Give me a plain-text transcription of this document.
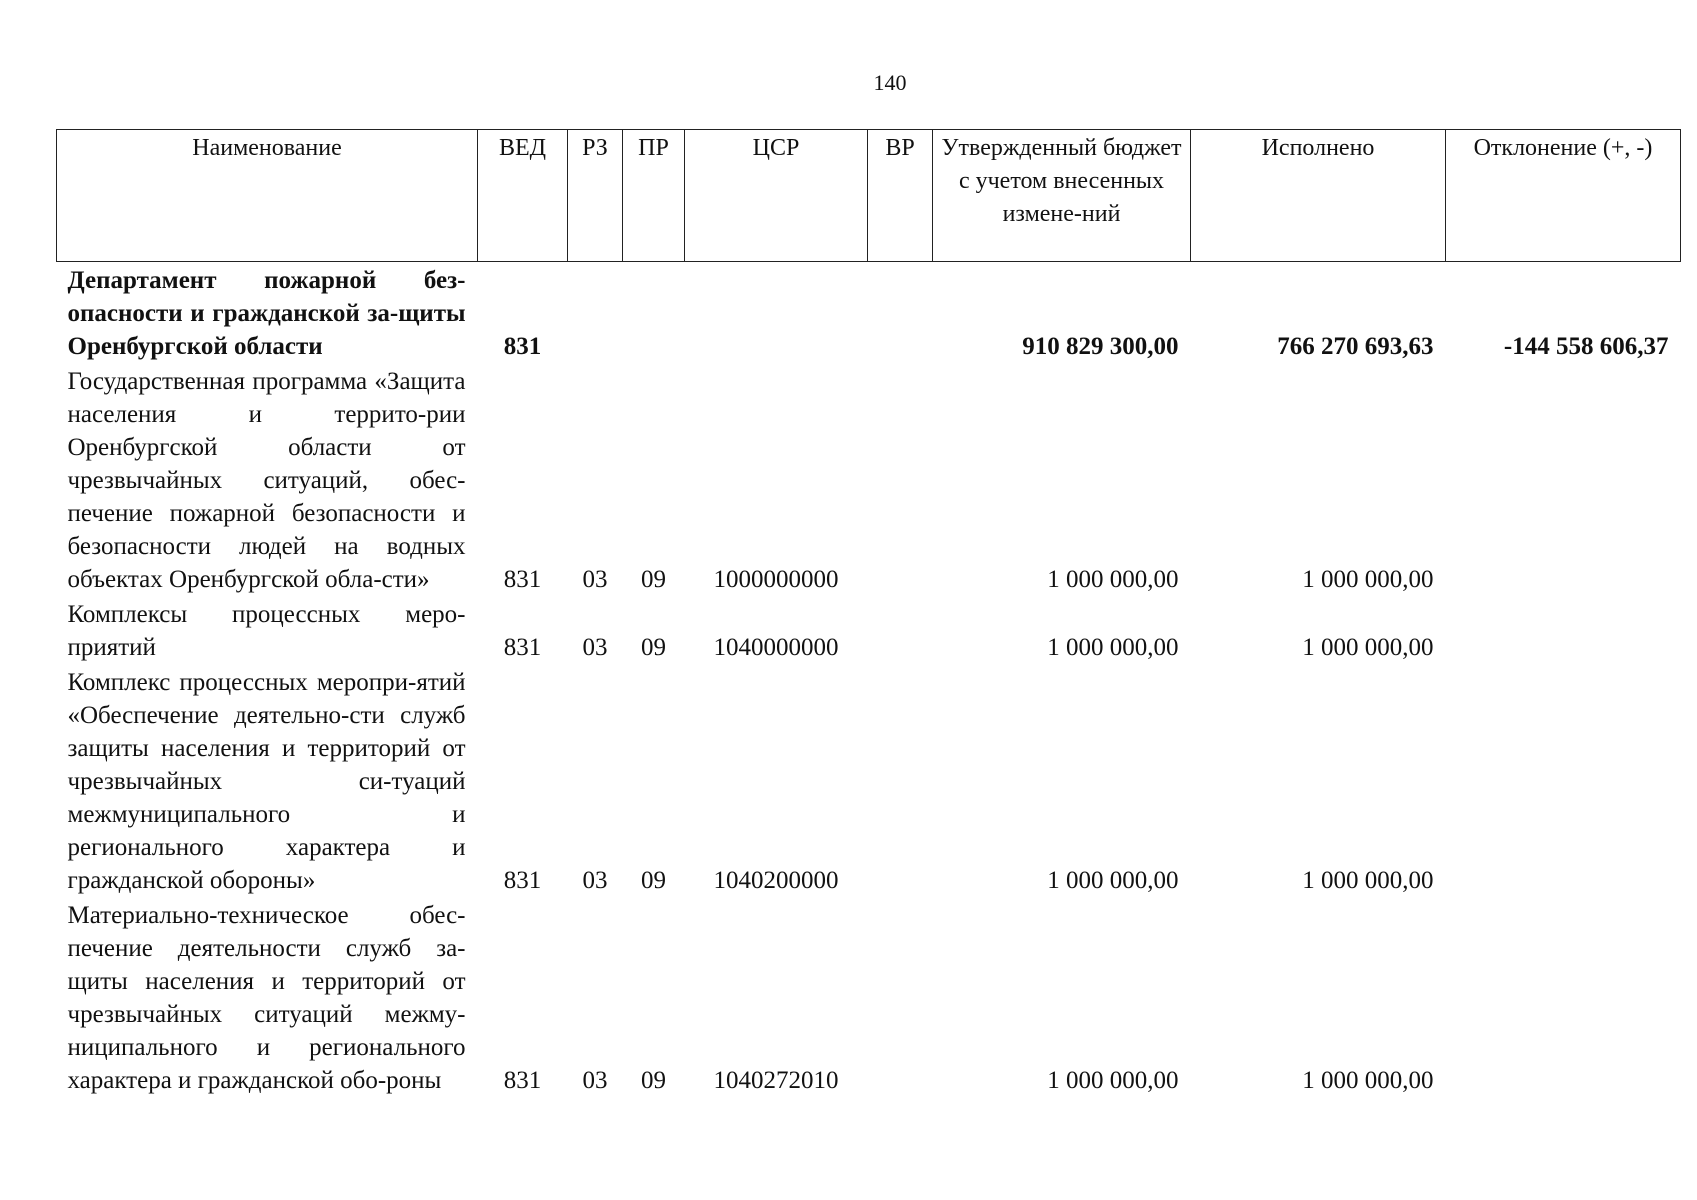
140
Наименование	ВЕД	РЗ	ПР	ЦСР	ВР	Утвержденный бюджет с учетом внесенных измене-ний	Исполнено	Отклонение (+, -)
Департамент пожарной без-опасности и гражданской за-щиты Оренбургской области	831					910 829 300,00	766 270 693,63	-144 558 606,37
Государственная программа «Защита населения и террито-рии Оренбургской области от чрезвычайных ситуаций, обес-печение пожарной безопасности и безопасности людей на водных объектах Оренбургской обла-сти»	831	03	09	1000000000		1 000 000,00	1 000 000,00	
Комплексы процессных меро-приятий	831	03	09	1040000000		1 000 000,00	1 000 000,00	
Комплекс процессных меропри-ятий «Обеспечение деятельно-сти служб защиты населения и территорий от чрезвычайных си-туаций межмуниципального и регионального характера и гражданской обороны»	831	03	09	1040200000		1 000 000,00	1 000 000,00	
Материально-техническое обес-печение деятельности служб за-щиты населения и территорий от чрезвычайных ситуаций межму-ниципального и регионального характера и гражданской обо-роны	831	03	09	1040272010		1 000 000,00	1 000 000,00	
